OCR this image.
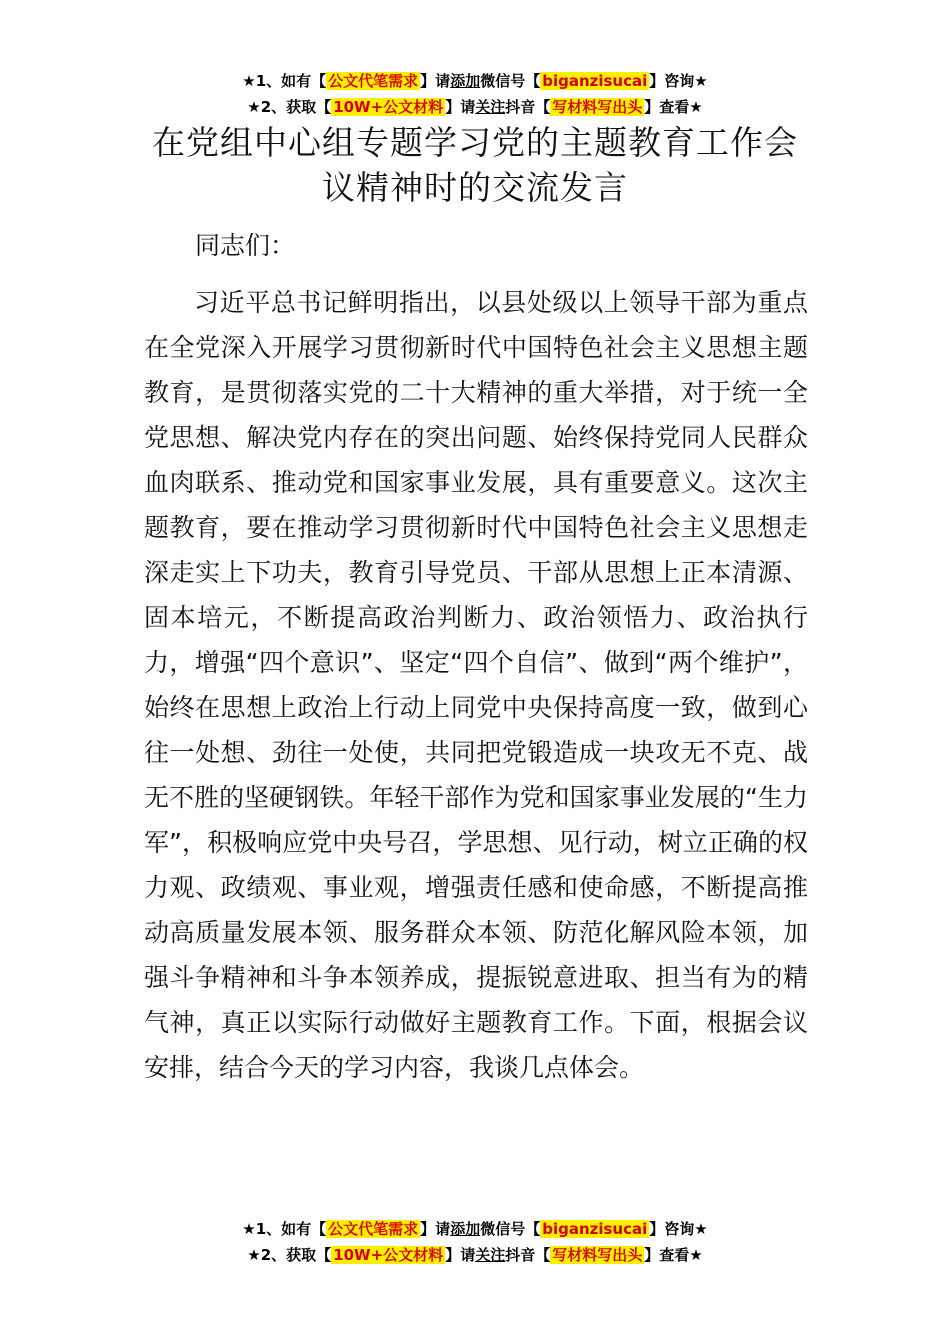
★1、如有【 公文代笔需求 】请添加微信号【 biganzisucai 】咨询★
★2、获取【 10W+公文材料 】请关注抖音【 写材料写出头 】查看★
在党组中心组专题学习党的主题教育工作会
议精神时的交流发言
同志们：

习近平总书记鲜明指出，以县处级以上领导干部为重点在全党深入开展学习贯彻新时代中国特色社会主义思想主题教育，是贯彻落实党的二十大精神的重大举措，对于统一全党思想、解决党内存在的突出问题、始终保持党同人民群众血肉联系、推动党和国家事业发展，具有重要意义。这次主题教育，要在推动学习贯彻新时代中国特色社会主义思想走深走实上下功夫，教育引导党员、干部从思想上正本清源、固本培元，不断提高政治判断力、政治领悟力、政治执行力，增强“四个意识”、坚定“四个自信”、做到“两个维护”，始终在思想上政治上行动上同党中央保持高度一致，做到心往一处想、劲往一处使，共同把党锻造成一块攻无不克、战无不胜的坚硬钢铁。年轻干部作为党和国家事业发展的“生力军”，积极响应党中央号召，学思想、见行动，树立正确的权力观、政绩观、事业观，增强责任感和使命感，不断提高推动高质量发展本领、服务群众本领、防范化解风险本领，加强斗争精神和斗争本领养成，提振锐意进取、担当有为的精气神，真正以实际行动做好主题教育工作。下面，根据会议安排，结合今天的学习内容，我谈几点体会。

★1、如有【 公文代笔需求 】请添加微信号【 biganzisucai 】咨询★
★2、获取【 10W+公文材料 】请关注抖音【 写材料写出头 】查看★
